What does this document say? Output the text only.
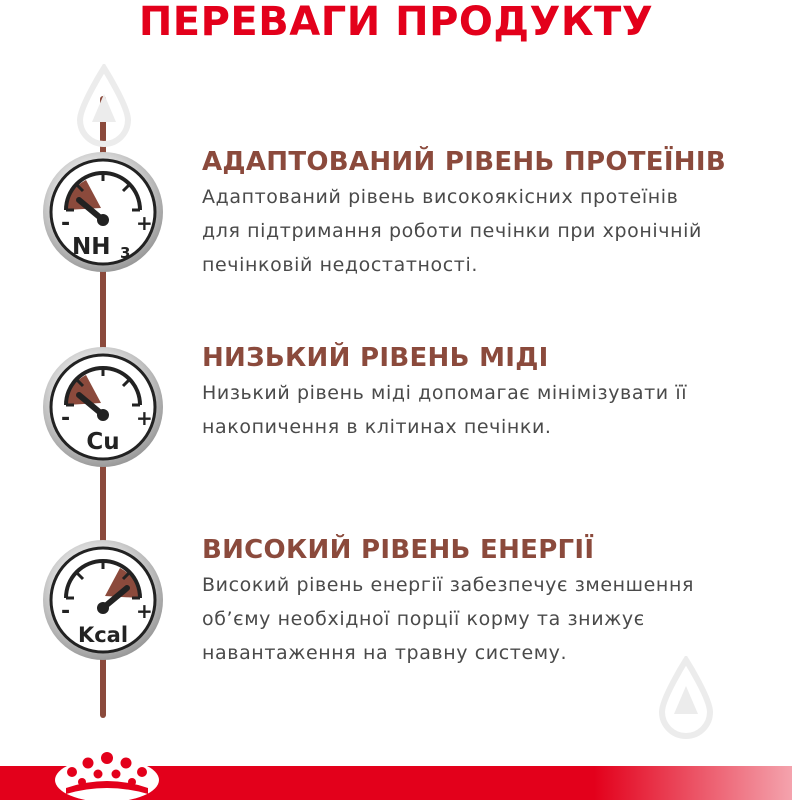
ПЕРЕВАГИ ПРОДУКТУ
-	+
NH 3
-	+
Cu
-	+
Kcal
АДАПТОВАНИЙ РІВЕНЬ ПРОТЕЇНІВ
Адаптований рівень високоякісних протеїнів
для підтримання роботи печінки при хронічній
печінковій недостатності.
НИЗЬКИЙ РІВЕНЬ МІДІ
Низький рівень міді допомагає мінімізувати її
накопичення в клітинах печінки.
ВИСОКИЙ РІВЕНЬ ЕНЕРГІЇ
Високий рівень енергії забезпечує зменшення
об’єму необхідної порції корму та знижує
навантаження на травну систему.
